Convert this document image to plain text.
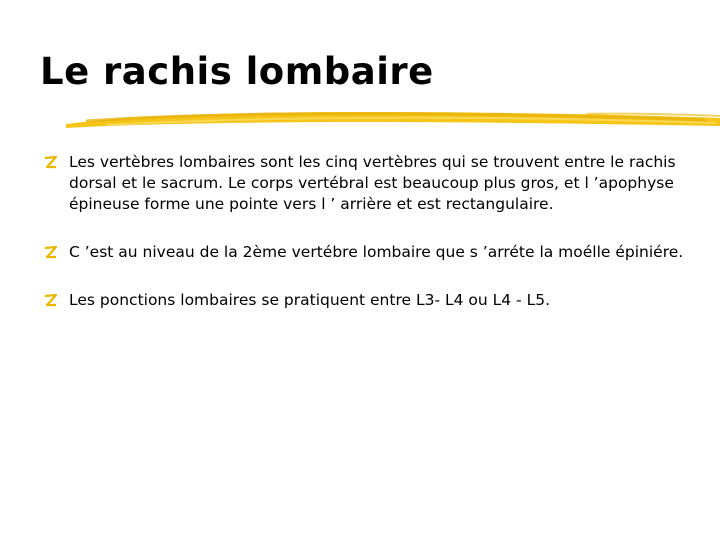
Le rachis lombaire
Les vertèbres lombaires sont les cinq vertèbres qui se trouvent entre le rachis dorsal et le sacrum. Le corps vertébral est beaucoup plus gros, et l ’apophyse épineuse forme une pointe vers l ’ arrière et est rectangulaire.
C ’est au niveau de la 2ème vertébre lombaire que s ’arréte la moélle épiniére.
Les ponctions lombaires se pratiquent entre L3- L4 ou L4 - L5.
